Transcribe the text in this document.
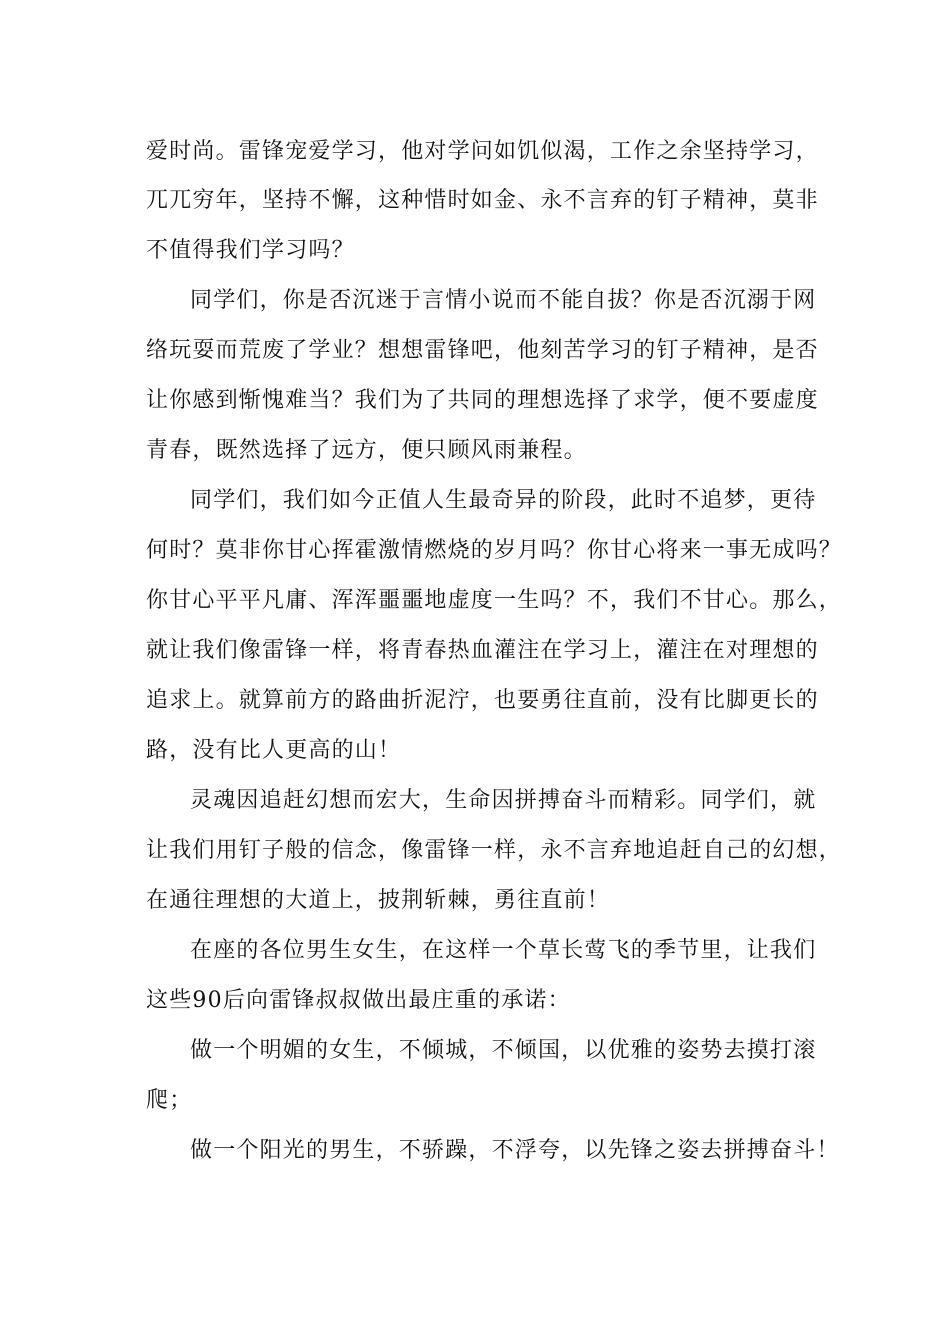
爱时尚。雷锋宠爱学习，他对学问如饥似渴，工作之余坚持学习，
兀兀穷年，坚持不懈，这种惜时如金、永不言弃的钉子精神，莫非
不值得我们学习吗？
同学们，你是否沉迷于言情小说而不能自拔？你是否沉溺于网
络玩耍而荒废了学业？想想雷锋吧，他刻苦学习的钉子精神，是否
让你感到惭愧难当？我们为了共同的理想选择了求学，便不要虚度
青春，既然选择了远方，便只顾风雨兼程。
同学们，我们如今正值人生最奇异的阶段，此时不追梦，更待
何时？莫非你甘心挥霍激情燃烧的岁月吗？你甘心将来一事无成吗？
你甘心平平凡庸、浑浑噩噩地虚度一生吗？不，我们不甘心。那么，
就让我们像雷锋一样，将青春热血灌注在学习上，灌注在对理想的
追求上。就算前方的路曲折泥泞，也要勇往直前，没有比脚更长的
路，没有比人更高的山！
灵魂因追赶幻想而宏大，生命因拼搏奋斗而精彩。同学们，就
让我们用钉子般的信念，像雷锋一样，永不言弃地追赶自己的幻想，
在通往理想的大道上，披荆斩棘，勇往直前！
在座的各位男生女生，在这样一个草长莺飞的季节里，让我们
这些90后向雷锋叔叔做出最庄重的承诺：
做一个明媚的女生，不倾城，不倾国，以优雅的姿势去摸打滚
爬；
做一个阳光的男生，不骄躁，不浮夸，以先锋之姿去拼搏奋斗！
